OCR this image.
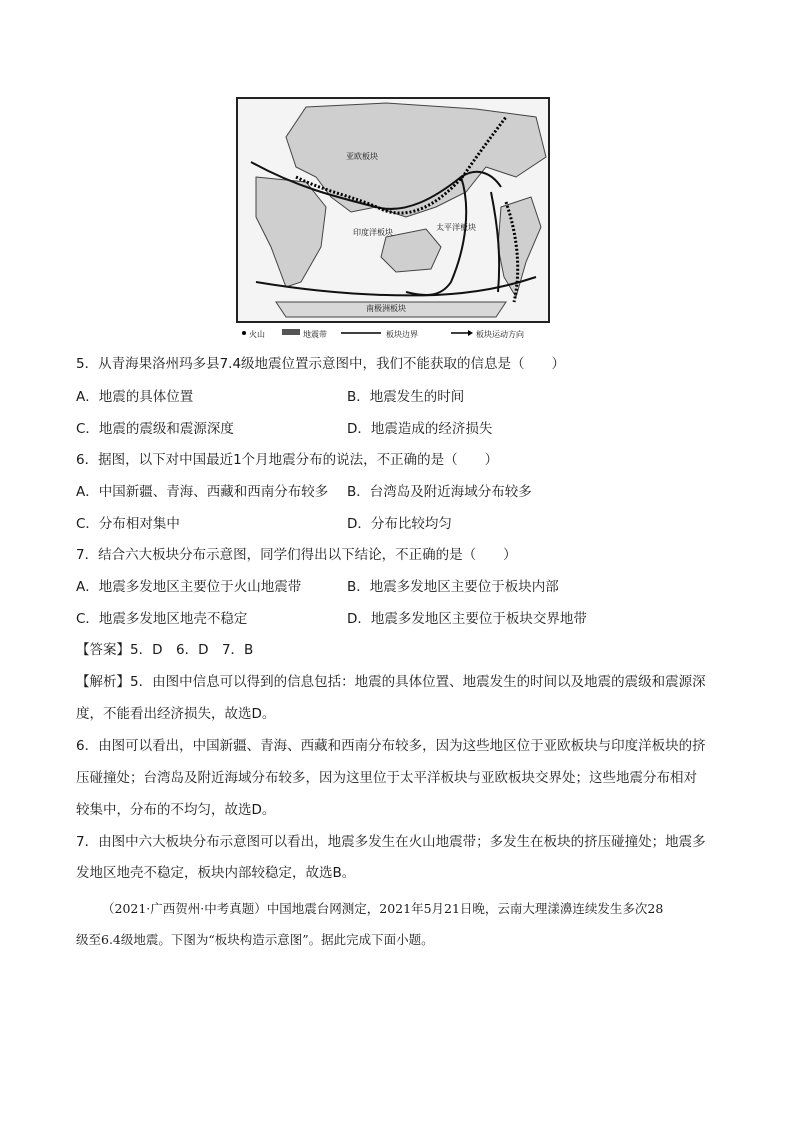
亚欧板块
太平洋板块
印度洋板块
南极洲板块
火山	地震带	板块边界	板块运动方向
5．从青海果洛州玛多县7.4级地震位置示意图中，我们不能获取的信息是（　　）
A．地震的具体位置	B．地震发生的时间
C．地震的震级和震源深度	D．地震造成的经济损失
6．据图，以下对中国最近1个月地震分布的说法，不正确的是（　　）
A．中国新疆、青海、西藏和西南分布较多 B．台湾岛及附近海域分布较多
C．分布相对集中	D．分布比较均匀
7．结合六大板块分布示意图，同学们得出以下结论，不正确的是（　　）
A．地震多发地区主要位于火山地震带	B．地震多发地区主要位于板块内部
C．地震多发地区地壳不稳定	D．地震多发地区主要位于板块交界地带
【答案】5．D　6．D　7．B
【解析】5．由图中信息可以得到的信息包括：地震的具体位置、地震发生的时间以及地震的震级和震源深
度，不能看出经济损失，故选D。
6．由图可以看出，中国新疆、青海、西藏和西南分布较多，因为这些地区位于亚欧板块与印度洋板块的挤
压碰撞处；台湾岛及附近海域分布较多，因为这里位于太平洋板块与亚欧板块交界处；这些地震分布相对
较集中，分布的不均匀，故选D。
7．由图中六大板块分布示意图可以看出，地震多发生在火山地震带；多发生在板块的挤压碰撞处；地震多
发地区地壳不稳定，板块内部较稳定，故选B。
（2021·广西贺州·中考真题）中国地震台网测定，2021年5月21日晚，云南大理漾濞连续发生多次28
级至6.4级地震。下图为“板块构造示意图”。据此完成下面小题。
